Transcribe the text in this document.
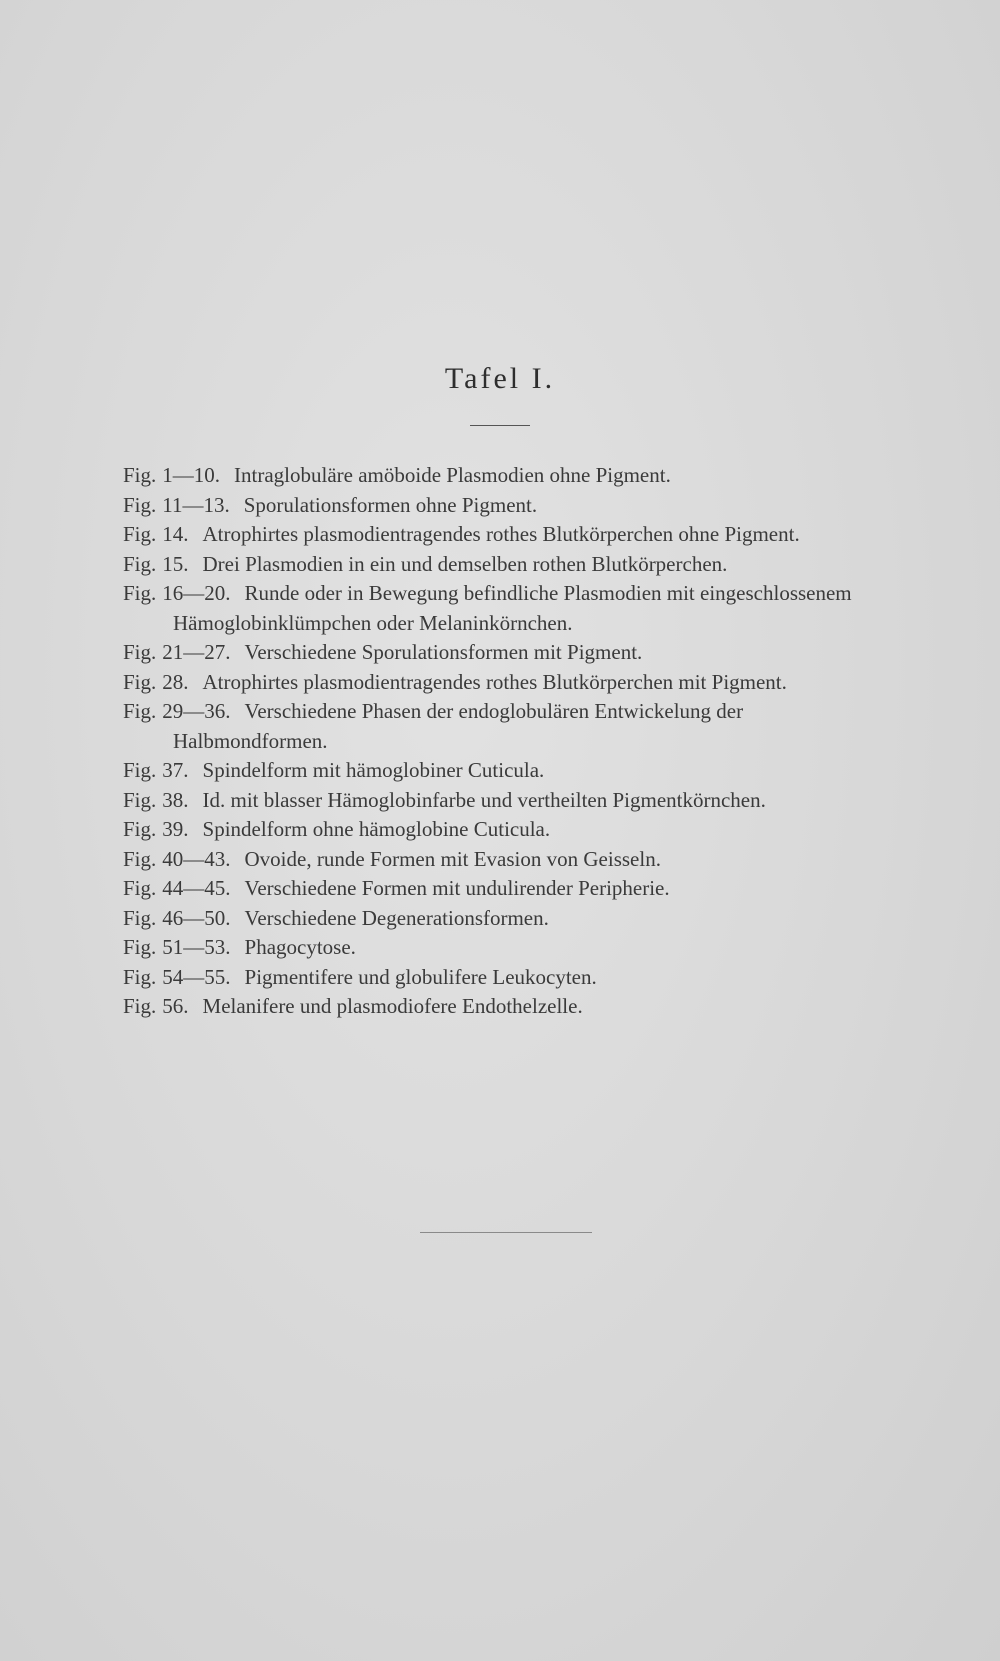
Tafel I.
Fig. 1—10. Intraglobuläre amöboide Plasmodien ohne Pigment.
Fig. 11—13. Sporulationsformen ohne Pigment.
Fig. 14. Atrophirtes plasmodientragendes rothes Blutkörperchen ohne Pigment.
Fig. 15. Drei Plasmodien in ein und demselben rothen Blutkörperchen.
Fig. 16—20. Runde oder in Bewegung befindliche Plasmodien mit eingeschlossenem Hämoglobinklümpchen oder Melaninkörnchen.
Fig. 21—27. Verschiedene Sporulationsformen mit Pigment.
Fig. 28. Atrophirtes plasmodientragendes rothes Blutkörperchen mit Pigment.
Fig. 29—36. Verschiedene Phasen der endoglobulären Entwickelung der Halbmondformen.
Fig. 37. Spindelform mit hämoglobiner Cuticula.
Fig. 38. Id. mit blasser Hämoglobinfarbe und vertheilten Pigmentkörnchen.
Fig. 39. Spindelform ohne hämoglobine Cuticula.
Fig. 40—43. Ovoide, runde Formen mit Evasion von Geisseln.
Fig. 44—45. Verschiedene Formen mit undulirender Peripherie.
Fig. 46—50. Verschiedene Degenerationsformen.
Fig. 51—53. Phagocytose.
Fig. 54—55. Pigmentifere und globulifere Leukocyten.
Fig. 56. Melanifere und plasmodiofere Endothelzelle.
